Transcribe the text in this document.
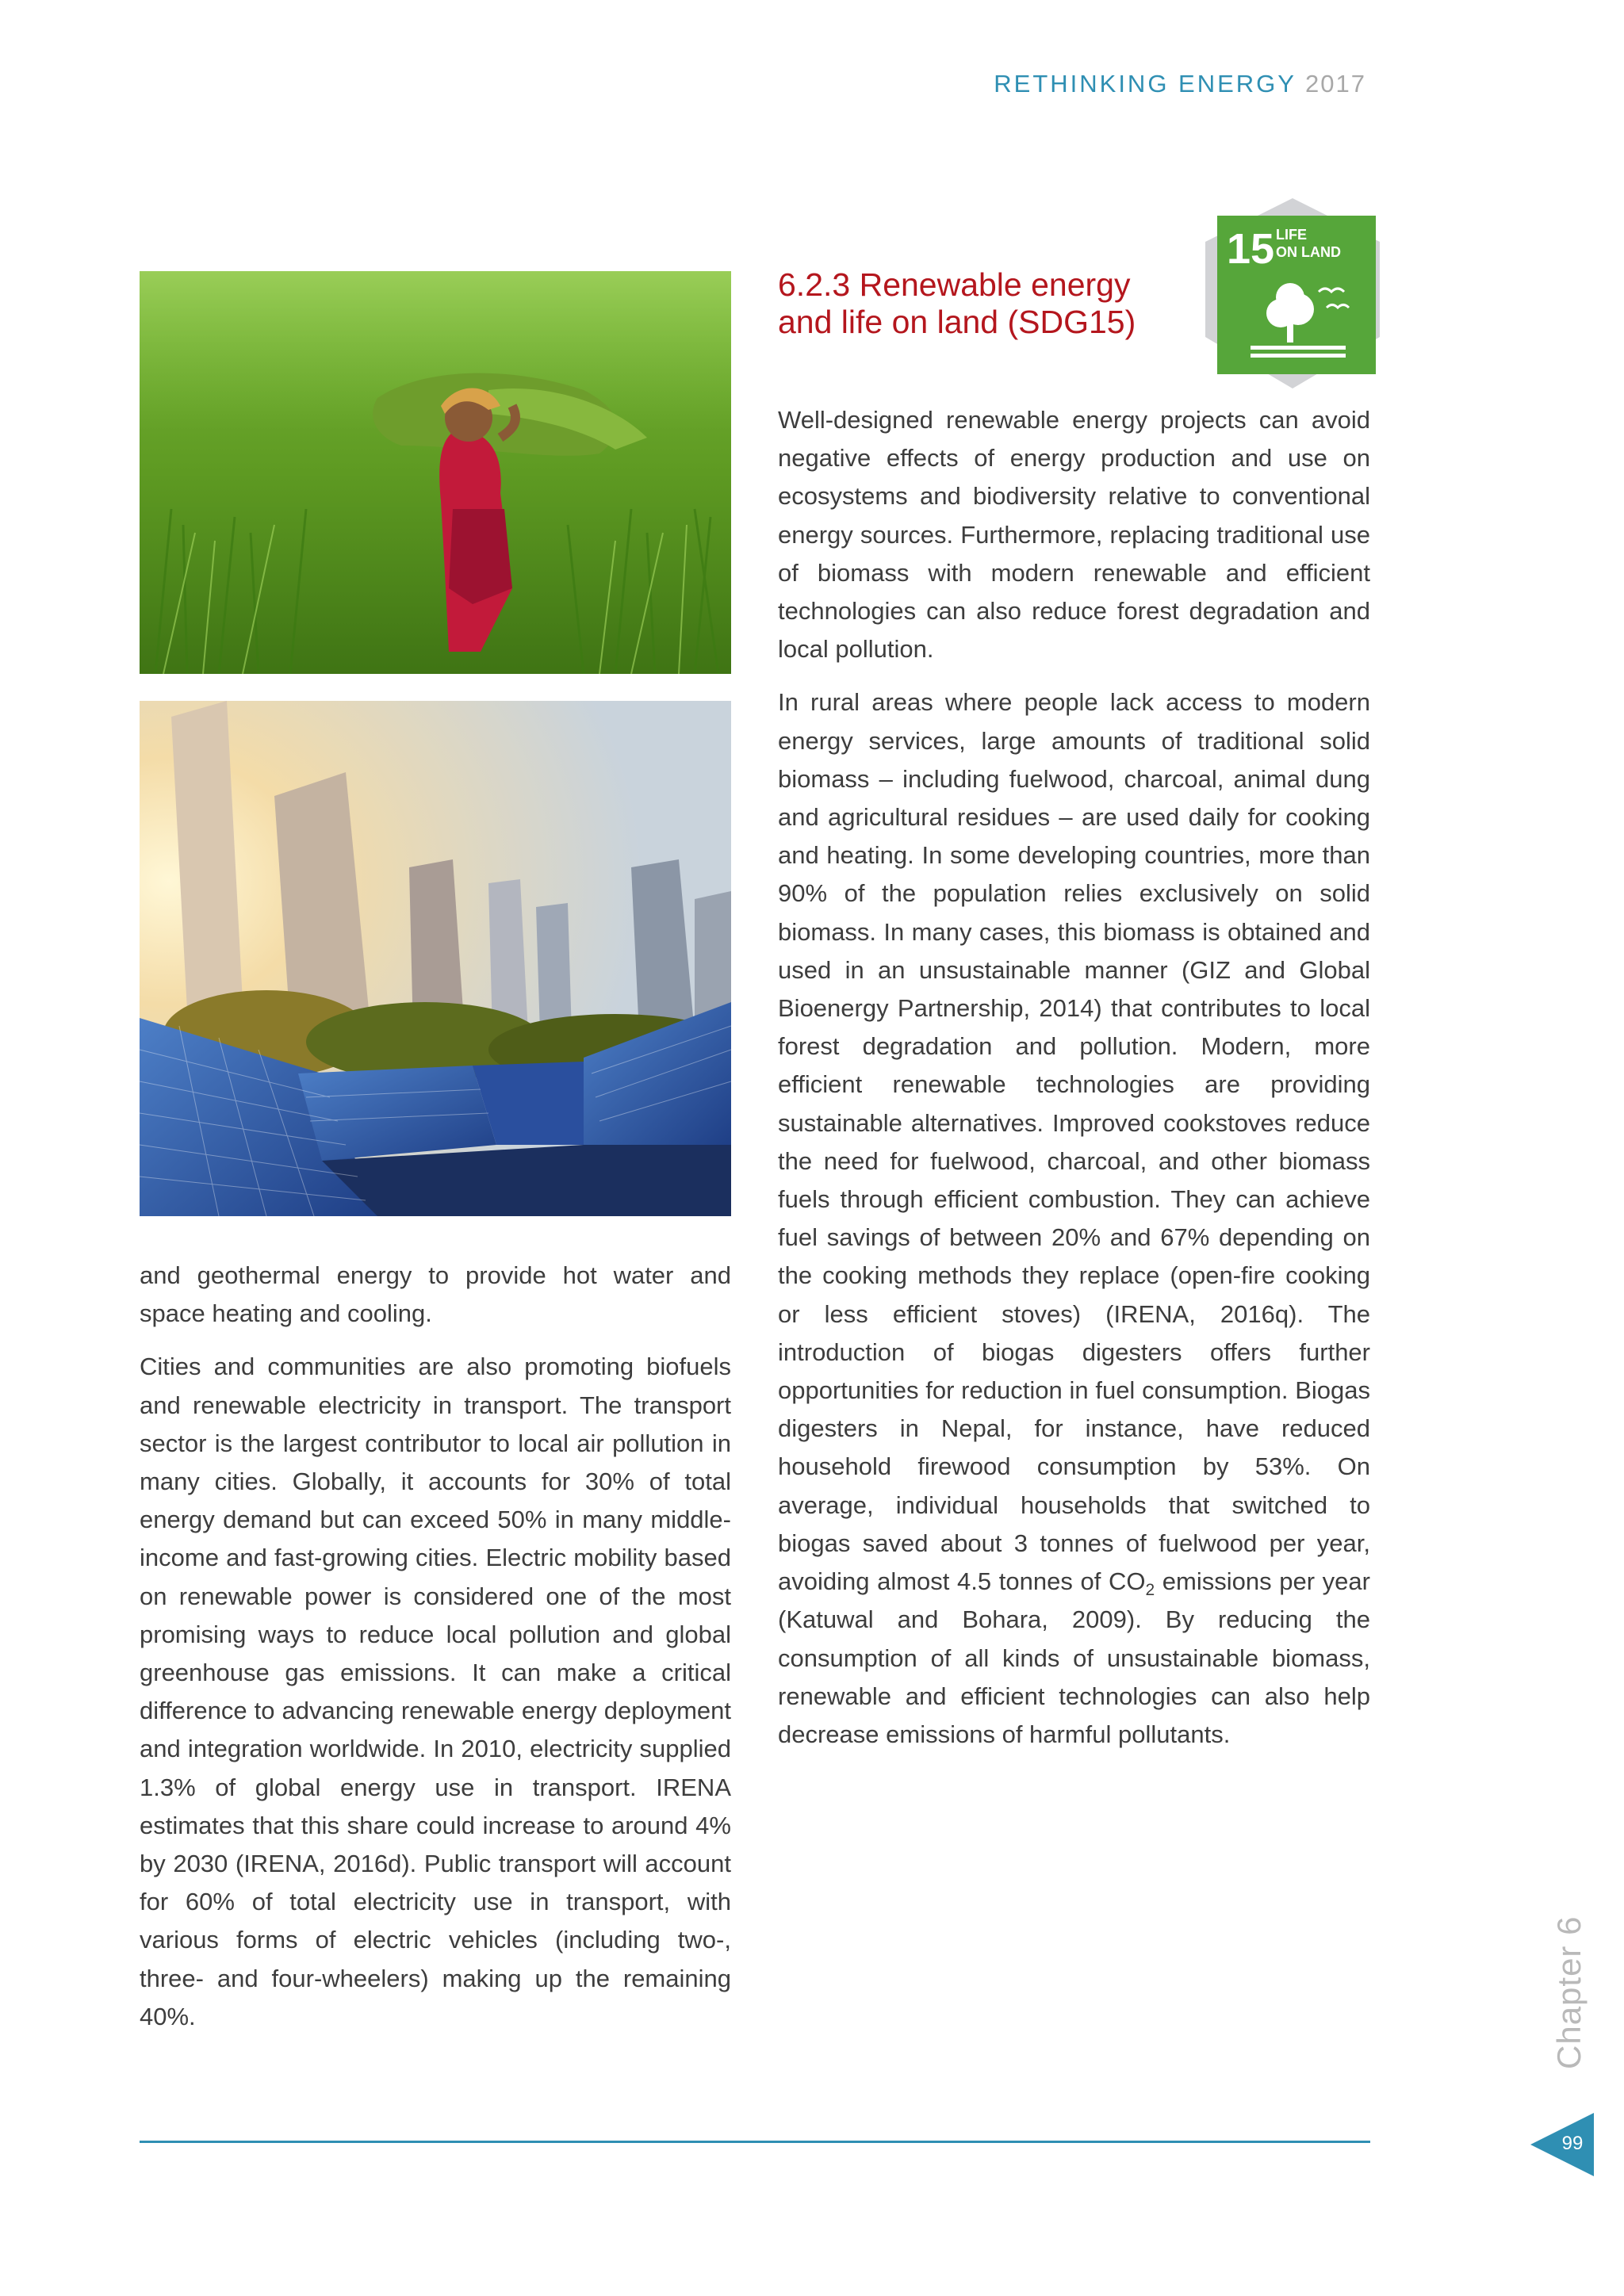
RETHINKING ENERGY 2017
6.2.3 Renewable energy and life on land (SDG15)
15 LIFE
ON LAND

Well-designed renewable energy projects can avoid negative effects of energy production and use on ecosystems and biodiversity relative to conventional energy sources. Furthermore, replacing traditional use of biomass with modern renewable and efficient technologies can also reduce forest degradation and local pollution.

In rural areas where people lack access to modern energy services, large amounts of traditional solid biomass – including fuelwood, charcoal, animal dung and agricultural residues – are used daily for cooking and heating. In some developing countries, more than 90% of the population relies exclusively on solid biomass. In many cases, this biomass is obtained and used in an unsustainable manner (GIZ and Global Bioenergy Partnership, 2014) that contributes to local forest degradation and pollution. Modern, more efficient renewable technologies are providing sustainable alternatives. Improved cookstoves reduce the need for fuelwood, charcoal, and other biomass fuels through efficient combustion. They can achieve fuel savings of between 20% and 67% depending on the cooking methods they replace (open-fire cooking or less efficient stoves) (IRENA, 2016q). The introduction of biogas digesters offers further opportunities for reduction in fuel consumption. Biogas digesters in Nepal, for instance, have reduced household firewood consumption by 53%. On average, individual households that switched to biogas saved about 3 tonnes of fuelwood per year, avoiding almost 4.5 tonnes of $CO_2$ emissions per year (Katuwal and Bohara, 2009). By reducing the consumption of all kinds of unsustainable biomass, renewable and efficient technologies can also help decrease emissions of harmful pollutants.

and geothermal energy to provide hot water and space heating and cooling.

Cities and communities are also promoting biofuels and renewable electricity in transport. The transport sector is the largest contributor to local air pollution in many cities. Globally, it accounts for 30% of total energy demand but can exceed 50% in many middle-income and fast-growing cities. Electric mobility based on renewable power is considered one of the most promising ways to reduce local pollution and global greenhouse gas emissions. It can make a critical difference to advancing renewable energy deployment and integration worldwide. In 2010, electricity supplied 1.3% of global energy use in transport. IRENA estimates that this share could increase to around 4% by 2030 (IRENA, 2016d). Public transport will account for 60% of total electricity use in transport, with various forms of electric vehicles (including two-, three- and four-wheelers) making up the remaining 40%.	Chapter 6
99
